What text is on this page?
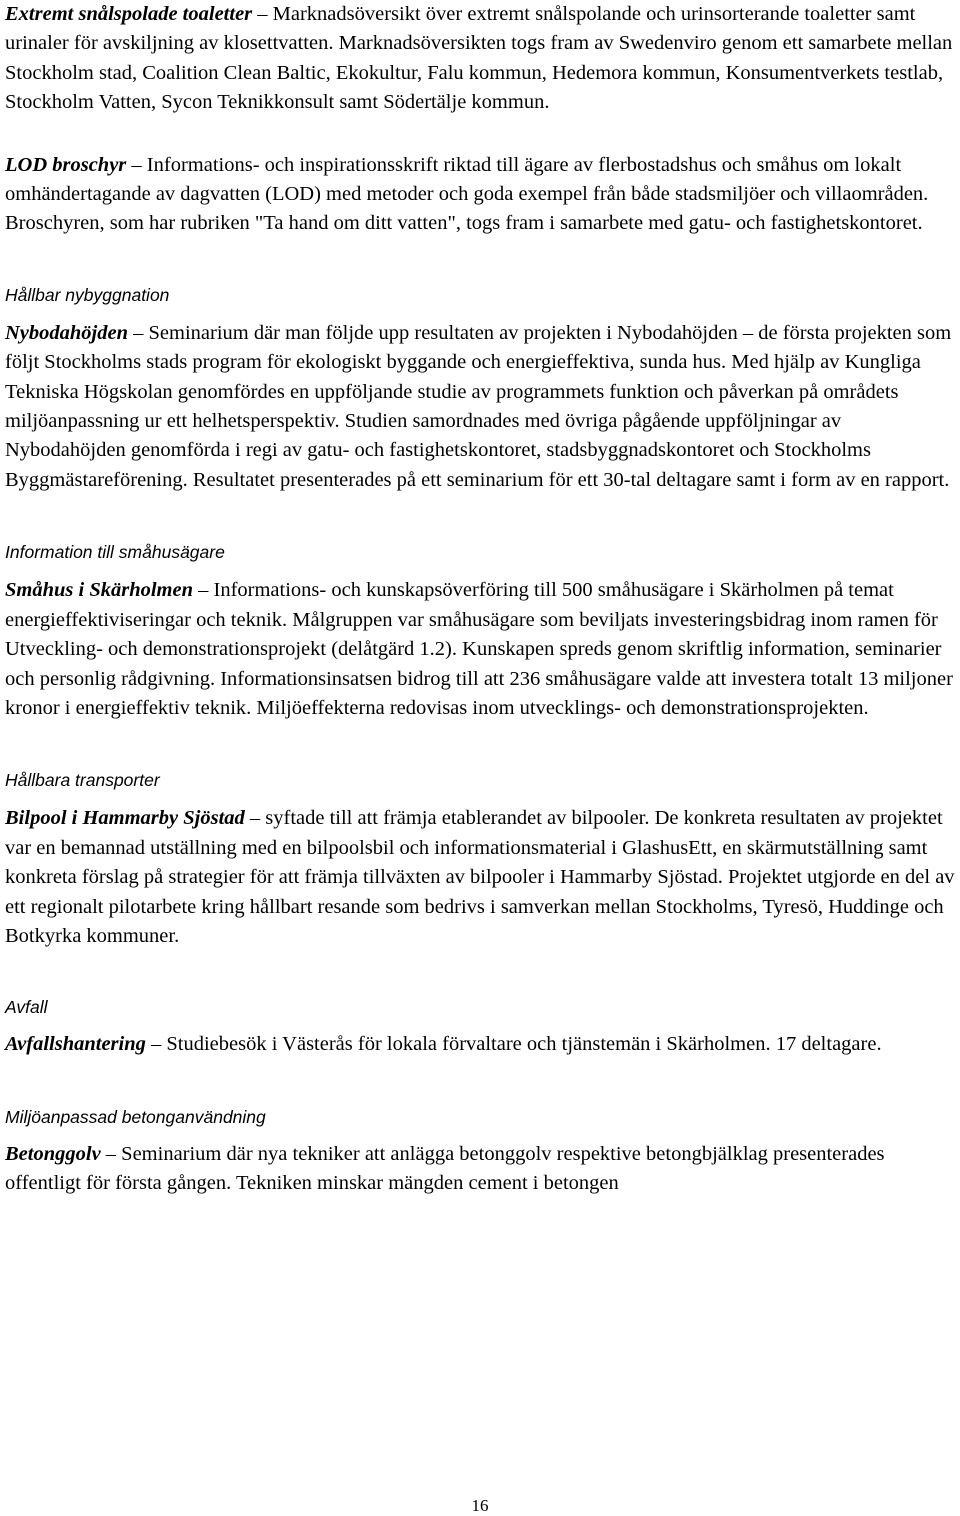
Extremt snålspolade toaletter – Marknadsöversikt över extremt snålspolande och urinsorterande toaletter samt urinaler för avskiljning av klosettvatten. Marknadsöversikten togs fram av Swedenviro genom ett samarbete mellan Stockholm stad, Coalition Clean Baltic, Ekokultur, Falu kommun, Hedemora kommun, Konsumentverkets testlab, Stockholm Vatten, Sycon Teknikkonsult samt Södertälje kommun.

LOD broschyr – Informations- och inspirationsskrift riktad till ägare av flerbostadshus och småhus om lokalt omhändertagande av dagvatten (LOD) med metoder och goda exempel från både stadsmiljöer och villaområden. Broschyren, som har rubriken "Ta hand om ditt vatten", togs fram i samarbete med gatu- och fastighetskontoret.

Hållbar nybyggnation

Nybodahöjden – Seminarium där man följde upp resultaten av projekten i Nybodahöjden – de första projekten som följt Stockholms stads program för ekologiskt byggande och energieffektiva, sunda hus. Med hjälp av Kungliga Tekniska Högskolan genomfördes en uppföljande studie av programmets funktion och påverkan på områdets miljöanpassning ur ett helhetsperspektiv. Studien samordnades med övriga pågående uppföljningar av Nybodahöjden genomförda i regi av gatu- och fastighetskontoret, stadsbyggnadskontoret och Stockholms Byggmästareförening. Resultatet presenterades på ett seminarium för ett 30-tal deltagare samt i form av en rapport.

Information till småhusägare

Småhus i Skärholmen – Informations- och kunskapsöverföring till 500 småhusägare i Skärholmen på temat energieffektiviseringar och teknik. Målgruppen var småhusägare som beviljats investeringsbidrag inom ramen för Utveckling- och demonstrationsprojekt (delåtgärd 1.2). Kunskapen spreds genom skriftlig information, seminarier och personlig rådgivning. Informationsinsatsen bidrog till att 236 småhusägare valde att investera totalt 13 miljoner kronor i energieffektiv teknik. Miljöeffekterna redovisas inom utvecklings- och demonstrationsprojekten.

Hållbara transporter

Bilpool i Hammarby Sjöstad – syftade till att främja etablerandet av bilpooler. De konkreta resultaten av projektet var en bemannad utställning med en bilpoolsbil och informationsmaterial i GlashusEtt, en skärmutställning samt konkreta förslag på strategier för att främja tillväxten av bilpooler i Hammarby Sjöstad. Projektet utgjorde en del av ett regionalt pilotarbete kring hållbart resande som bedrivs i samverkan mellan Stockholms, Tyresö, Huddinge och Botkyrka kommuner.

Avfall

Avfallshantering – Studiebesök i Västerås för lokala förvaltare och tjänstemän i Skärholmen. 17 deltagare.

Miljöanpassad betonganvändning

Betonggolv – Seminarium där nya tekniker att anlägga betonggolv respektive betongbjälklag presenterades offentligt för första gången. Tekniken minskar mängden cement i betongen

16
